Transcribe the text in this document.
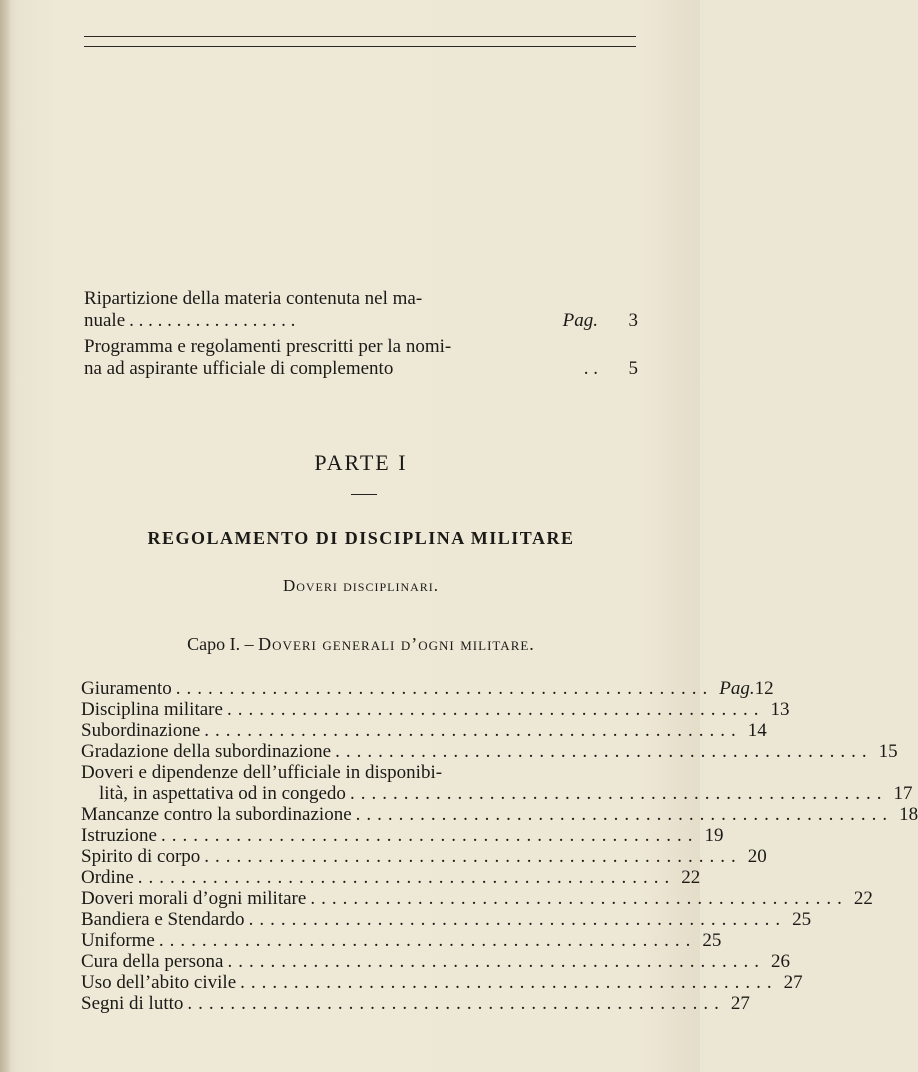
Ripartizione della materia contenuta nel ma-
nuale . . . . . . . . . . . . . . . . . .	Pag.	3
Programma e regolamenti prescritti per la nomi-
na ad aspirante ufficiale di complemento	. .	5
PARTE I
REGOLAMENTO DI DISCIPLINA MILITARE
Doveri disciplinari.
Capo I. – Doveri generali d’ogni militare.
Giuramento .................................................. Pag. 12
Disciplina militare .................................................. 13
Subordinazione .................................................. 14
Gradazione della subordinazione .................................................. 15
Doveri e dipendenze dell’ufficiale in disponibi-
lità, in aspettativa od in congedo .................................................. 17
Mancanze contro la subordinazione .................................................. 18
Istruzione .................................................. 19
Spirito di corpo .................................................. 20
Ordine .................................................. 22
Doveri morali d’ogni militare .................................................. 22
Bandiera e Stendardo .................................................. 25
Uniforme .................................................. 25
Cura della persona .................................................. 26
Uso dell’abito civile .................................................. 27
Segni di lutto .................................................. 27
